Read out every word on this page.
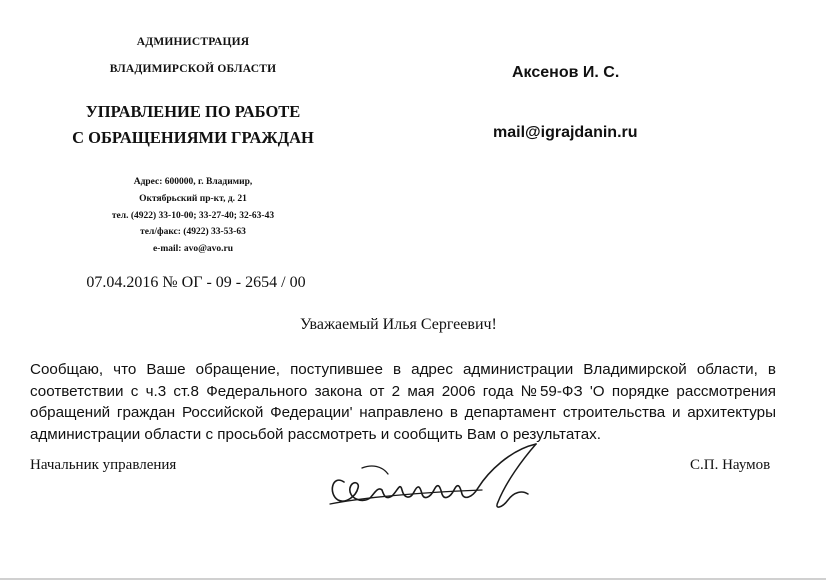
АДМИНИСТРАЦИЯ
ВЛАДИМИРСКОЙ ОБЛАСТИ
УПРАВЛЕНИЕ ПО РАБОТЕ
С ОБРАЩЕНИЯМИ ГРАЖДАН
Адрес: 600000, г. Владимир,
Октябрьский пр-кт, д. 21
тел. (4922) 33-10-00; 33-27-40; 32-63-43
тел/факс: (4922) 33-53-63
e-mail: avo@avo.ru
07.04.2016 № ОГ - 09 - 2654 / 00
Аксенов И. С.
mail@igrajdanin.ru
Уважаемый Илья Сергеевич!
Сообщаю, что Ваше обращение, поступившее в адрес администрации Владимирской области, в
соответствии с ч.3 ст.8 Федерального закона от 2 мая 2006 года №59-ФЗ 'О порядке рассмотрения
обращений граждан Российской Федерации' направлено в департамент строительства и архитектуры
администрации области с просьбой рассмотреть и сообщить Вам о результатах.
Начальник управления	С.П. Наумов
